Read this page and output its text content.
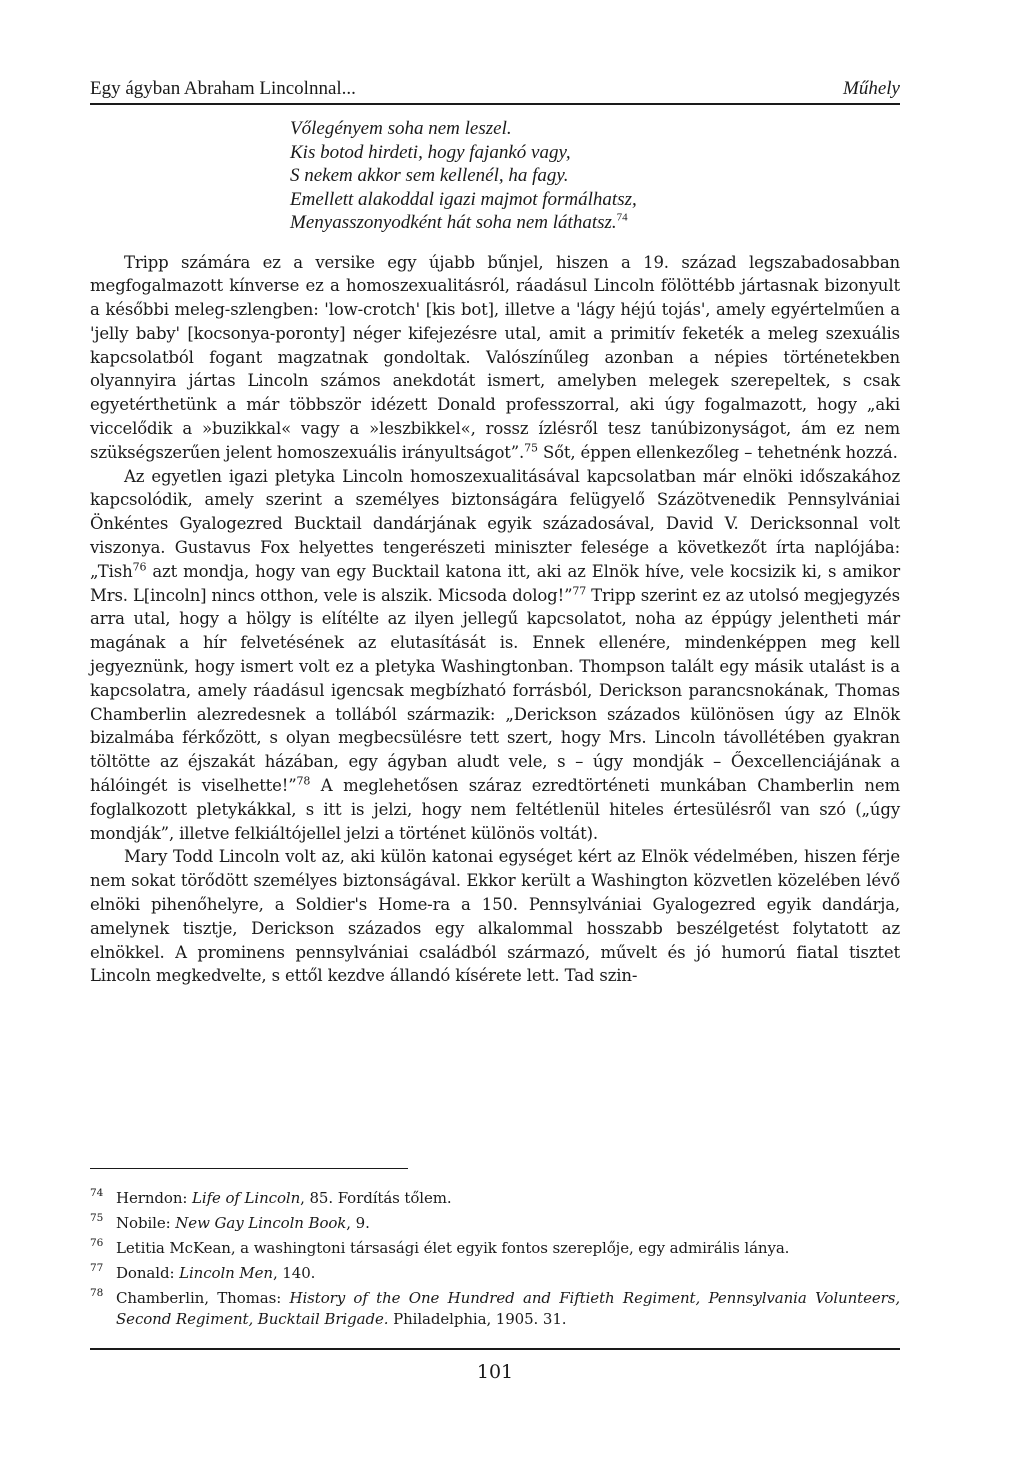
Egy ágyban Abraham Lincolnnal...	Műhely
Vőlegényem soha nem leszel.
Kis botod hirdeti, hogy fajankó vagy,
S nekem akkor sem kellenél, ha fagy.
Emellett alakoddal igazi majmot formálhatsz,
Menyasszonyodként hát soha nem láthatsz.$^{74}$

Tripp számára ez a versike egy újabb bűnjel, hiszen a 19. század legszabadosabban megfogalmazott kínverse ez a homoszexualitásról, ráadásul Lincoln fölöttébb jártasnak bizonyult a későbbi meleg-szlengben: 'low-crotch' [kis bot], illetve a 'lágy héjú tojás', amely egyértelműen a 'jelly baby' [kocsonya-poronty] néger kifejezésre utal, amit a primitív feketék a meleg szexuális kapcsolatból fogant magzatnak gondoltak. Valószínűleg azonban a népies történetekben olyannyira jártas Lincoln számos anekdotát ismert, amelyben melegek szerepeltek, s csak egyetérthetünk a már többször idézett Donald professzorral, aki úgy fogalmazott, hogy „aki viccelődik a »buzikkal« vagy a »leszbikkel«, rossz ízlésről tesz tanúbizonyságot, ám ez nem szükségszerűen jelent homoszexuális irányultságot”.$^{75}$ Sőt, éppen ellenkezőleg – tehetnénk hozzá.

Az egyetlen igazi pletyka Lincoln homoszexualitásával kapcsolatban már elnöki időszakához kapcsolódik, amely szerint a személyes biztonságára felügyelő Százötvenedik Pennsylvániai Önkéntes Gyalogezred Bucktail dandárjának egyik századosával, David V. Dericksonnal volt viszonya. Gustavus Fox helyettes tengerészeti miniszter felesége a következőt írta naplójába: „Tish$^{76}$ azt mondja, hogy van egy Bucktail katona itt, aki az Elnök híve, vele kocsizik ki, s amikor Mrs. L[incoln] nincs otthon, vele is alszik. Micsoda dolog!”$^{77}$ Tripp szerint ez az utolsó megjegyzés arra utal, hogy a hölgy is elítélte az ilyen jellegű kapcsolatot, noha az éppúgy jelentheti már magának a hír felvetésének az elutasítását is. Ennek ellenére, mindenképpen meg kell jegyeznünk, hogy ismert volt ez a pletyka Washingtonban. Thompson talált egy másik utalást is a kapcsolatra, amely ráadásul igencsak megbízható forrásból, Derickson parancsnokának, Thomas Chamberlin alezredesnek a tollából származik: „Derickson százados különösen úgy az Elnök bizalmába férkőzött, s olyan megbecsülésre tett szert, hogy Mrs. Lincoln távollétében gyakran töltötte az éjszakát házában, egy ágyban aludt vele, s – úgy mondják – Őexcellenciájának a hálóingét is viselhette!”$^{78}$ A meglehetősen száraz ezredtörténeti munkában Chamberlin nem foglalkozott pletykákkal, s itt is jelzi, hogy nem feltétlenül hiteles értesülésről van szó („úgy mondják”, illetve felkiáltójellel jelzi a történet különös voltát).

Mary Todd Lincoln volt az, aki külön katonai egységet kért az Elnök védelmében, hiszen férje nem sokat törődött személyes biztonságával. Ekkor került a Washington közvetlen közelében lévő elnöki pihenőhelyre, a Soldier's Home-ra a 150. Pennsylvániai Gyalogezred egyik dandárja, amelynek tisztje, Derickson százados egy alkalommal hosszabb beszélgetést folytatott az elnökkel. A prominens pennsylvániai családból származó, művelt és jó humorú fiatal tisztet Lincoln megkedvelte, s ettől kezdve állandó kísérete lett. Tad szin-

74 Herndon: Life of Lincoln, 85. Fordítás tőlem.
75 Nobile: New Gay Lincoln Book, 9.
76 Letitia McKean, a washingtoni társasági élet egyik fontos szereplője, egy admirális lánya.
77 Donald: Lincoln Men, 140.
78 Chamberlin, Thomas: History of the One Hundred and Fiftieth Regiment, Pennsylvania Volunteers, Second Regiment, Bucktail Brigade. Philadelphia, 1905. 31.
101
